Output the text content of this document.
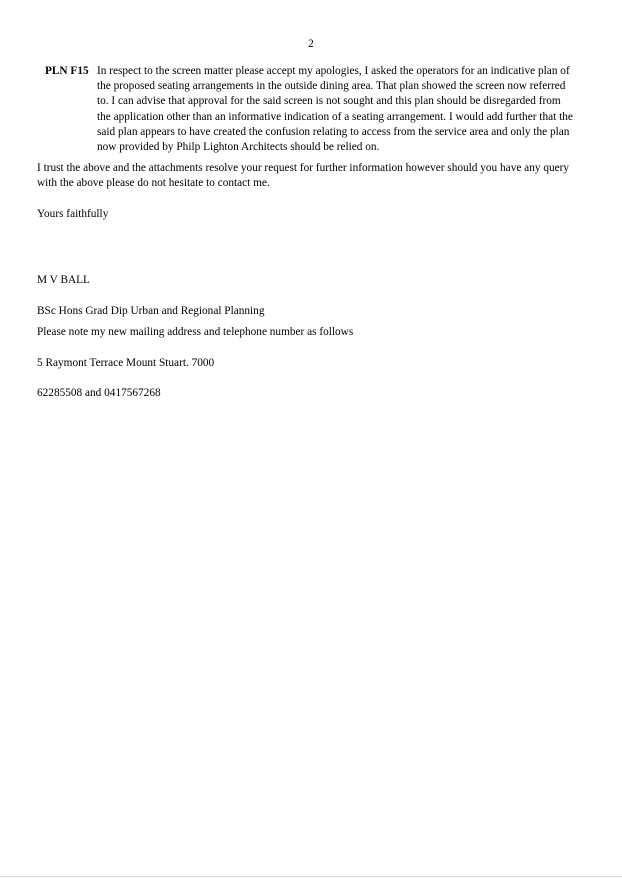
2
PLN F15 In respect to the screen matter please accept my apologies, I asked the operators for an indicative plan of
the proposed seating arrangements in the outside dining area. That plan showed the screen now referred
to. I can advise that approval for the said screen is not sought and this plan should be disregarded from
the application other than an informative indication of a seating arrangement. I would add further that the
said plan appears to have created the confusion relating to access from the service area and only the plan
now provided by Philp Lighton Architects should be relied on.
I trust the above and the attachments resolve your request for further information however should you have any query
with the above please do not hesitate to contact me.
Yours faithfully

M V BALL

BSc Hons Grad Dip Urban and Regional Planning

Please note my new mailing address and telephone number as follows

5 Raymont Terrace Mount Stuart. 7000

62285508 and 0417567268
